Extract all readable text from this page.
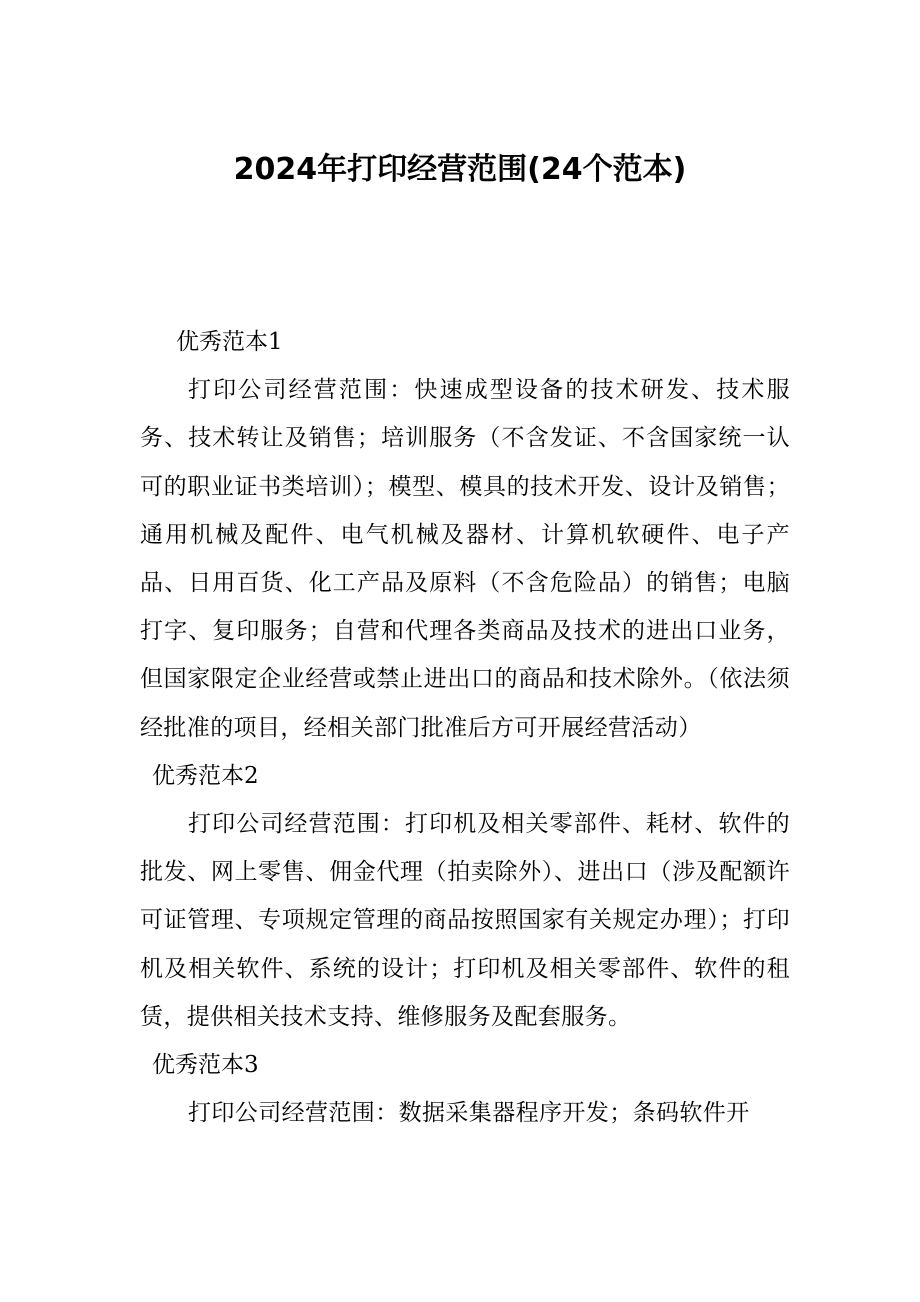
2024年打印经营范围(24个范本)

优秀范本1

打印公司经营范围：快速成型设备的技术研发、技术服务、技术转让及销售；培训服务（不含发证、不含国家统一认可的职业证书类培训）；模型、模具的技术开发、设计及销售；通用机械及配件、电气机械及器材、计算机软硬件、电子产品、日用百货、化工产品及原料（不含危险品）的销售；电脑打字、复印服务；自营和代理各类商品及技术的进出口业务，但国家限定企业经营或禁止进出口的商品和技术除外。（依法须经批准的项目，经相关部门批准后方可开展经营活动）

优秀范本2

打印公司经营范围：打印机及相关零部件、耗材、软件的批发、网上零售、佣金代理（拍卖除外）、进出口（涉及配额许可证管理、专项规定管理的商品按照国家有关规定办理）；打印机及相关软件、系统的设计；打印机及相关零部件、软件的租赁，提供相关技术支持、维修服务及配套服务。

优秀范本3

打印公司经营范围：数据采集器程序开发；条码软件开
